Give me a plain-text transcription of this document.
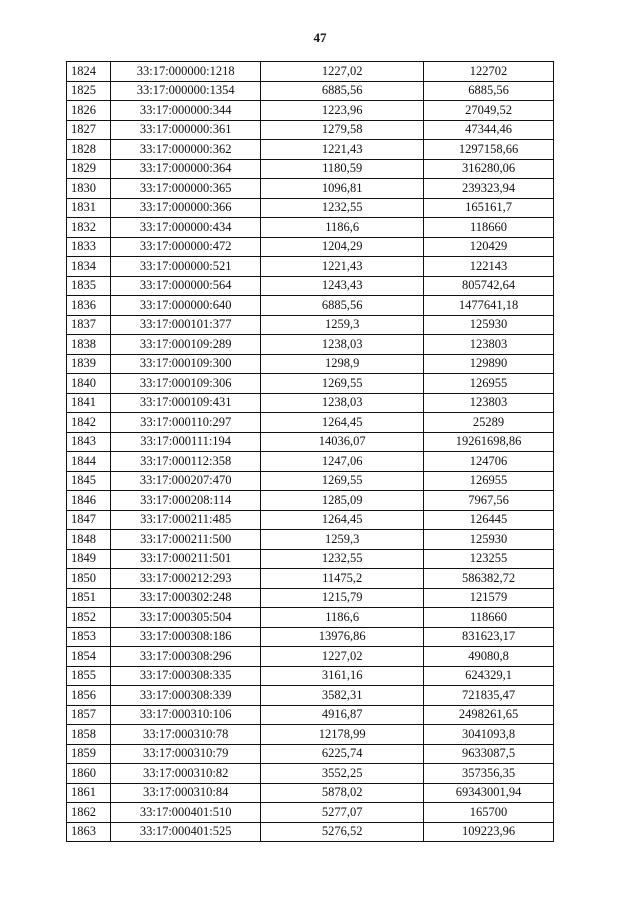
47
1824	33:17:000000:1218	1227,02	122702
1825	33:17:000000:1354	6885,56	6885,56
1826	33:17:000000:344	1223,96	27049,52
1827	33:17:000000:361	1279,58	47344,46
1828	33:17:000000:362	1221,43	1297158,66
1829	33:17:000000:364	1180,59	316280,06
1830	33:17:000000:365	1096,81	239323,94
1831	33:17:000000:366	1232,55	165161,7
1832	33:17:000000:434	1186,6	118660
1833	33:17:000000:472	1204,29	120429
1834	33:17:000000:521	1221,43	122143
1835	33:17:000000:564	1243,43	805742,64
1836	33:17:000000:640	6885,56	1477641,18
1837	33:17:000101:377	1259,3	125930
1838	33:17:000109:289	1238,03	123803
1839	33:17:000109:300	1298,9	129890
1840	33:17:000109:306	1269,55	126955
1841	33:17:000109:431	1238,03	123803
1842	33:17:000110:297	1264,45	25289
1843	33:17:000111:194	14036,07	19261698,86
1844	33:17:000112:358	1247,06	124706
1845	33:17:000207:470	1269,55	126955
1846	33:17:000208:114	1285,09	7967,56
1847	33:17:000211:485	1264,45	126445
1848	33:17:000211:500	1259,3	125930
1849	33:17:000211:501	1232,55	123255
1850	33:17:000212:293	11475,2	586382,72
1851	33:17:000302:248	1215,79	121579
1852	33:17:000305:504	1186,6	118660
1853	33:17:000308:186	13976,86	831623,17
1854	33:17:000308:296	1227,02	49080,8
1855	33:17:000308:335	3161,16	624329,1
1856	33:17:000308:339	3582,31	721835,47
1857	33:17:000310:106	4916,87	2498261,65
1858	33:17:000310:78	12178,99	3041093,8
1859	33:17:000310:79	6225,74	9633087,5
1860	33:17:000310:82	3552,25	357356,35
1861	33:17:000310:84	5878,02	69343001,94
1862	33:17:000401:510	5277,07	165700
1863	33:17:000401:525	5276,52	109223,96
